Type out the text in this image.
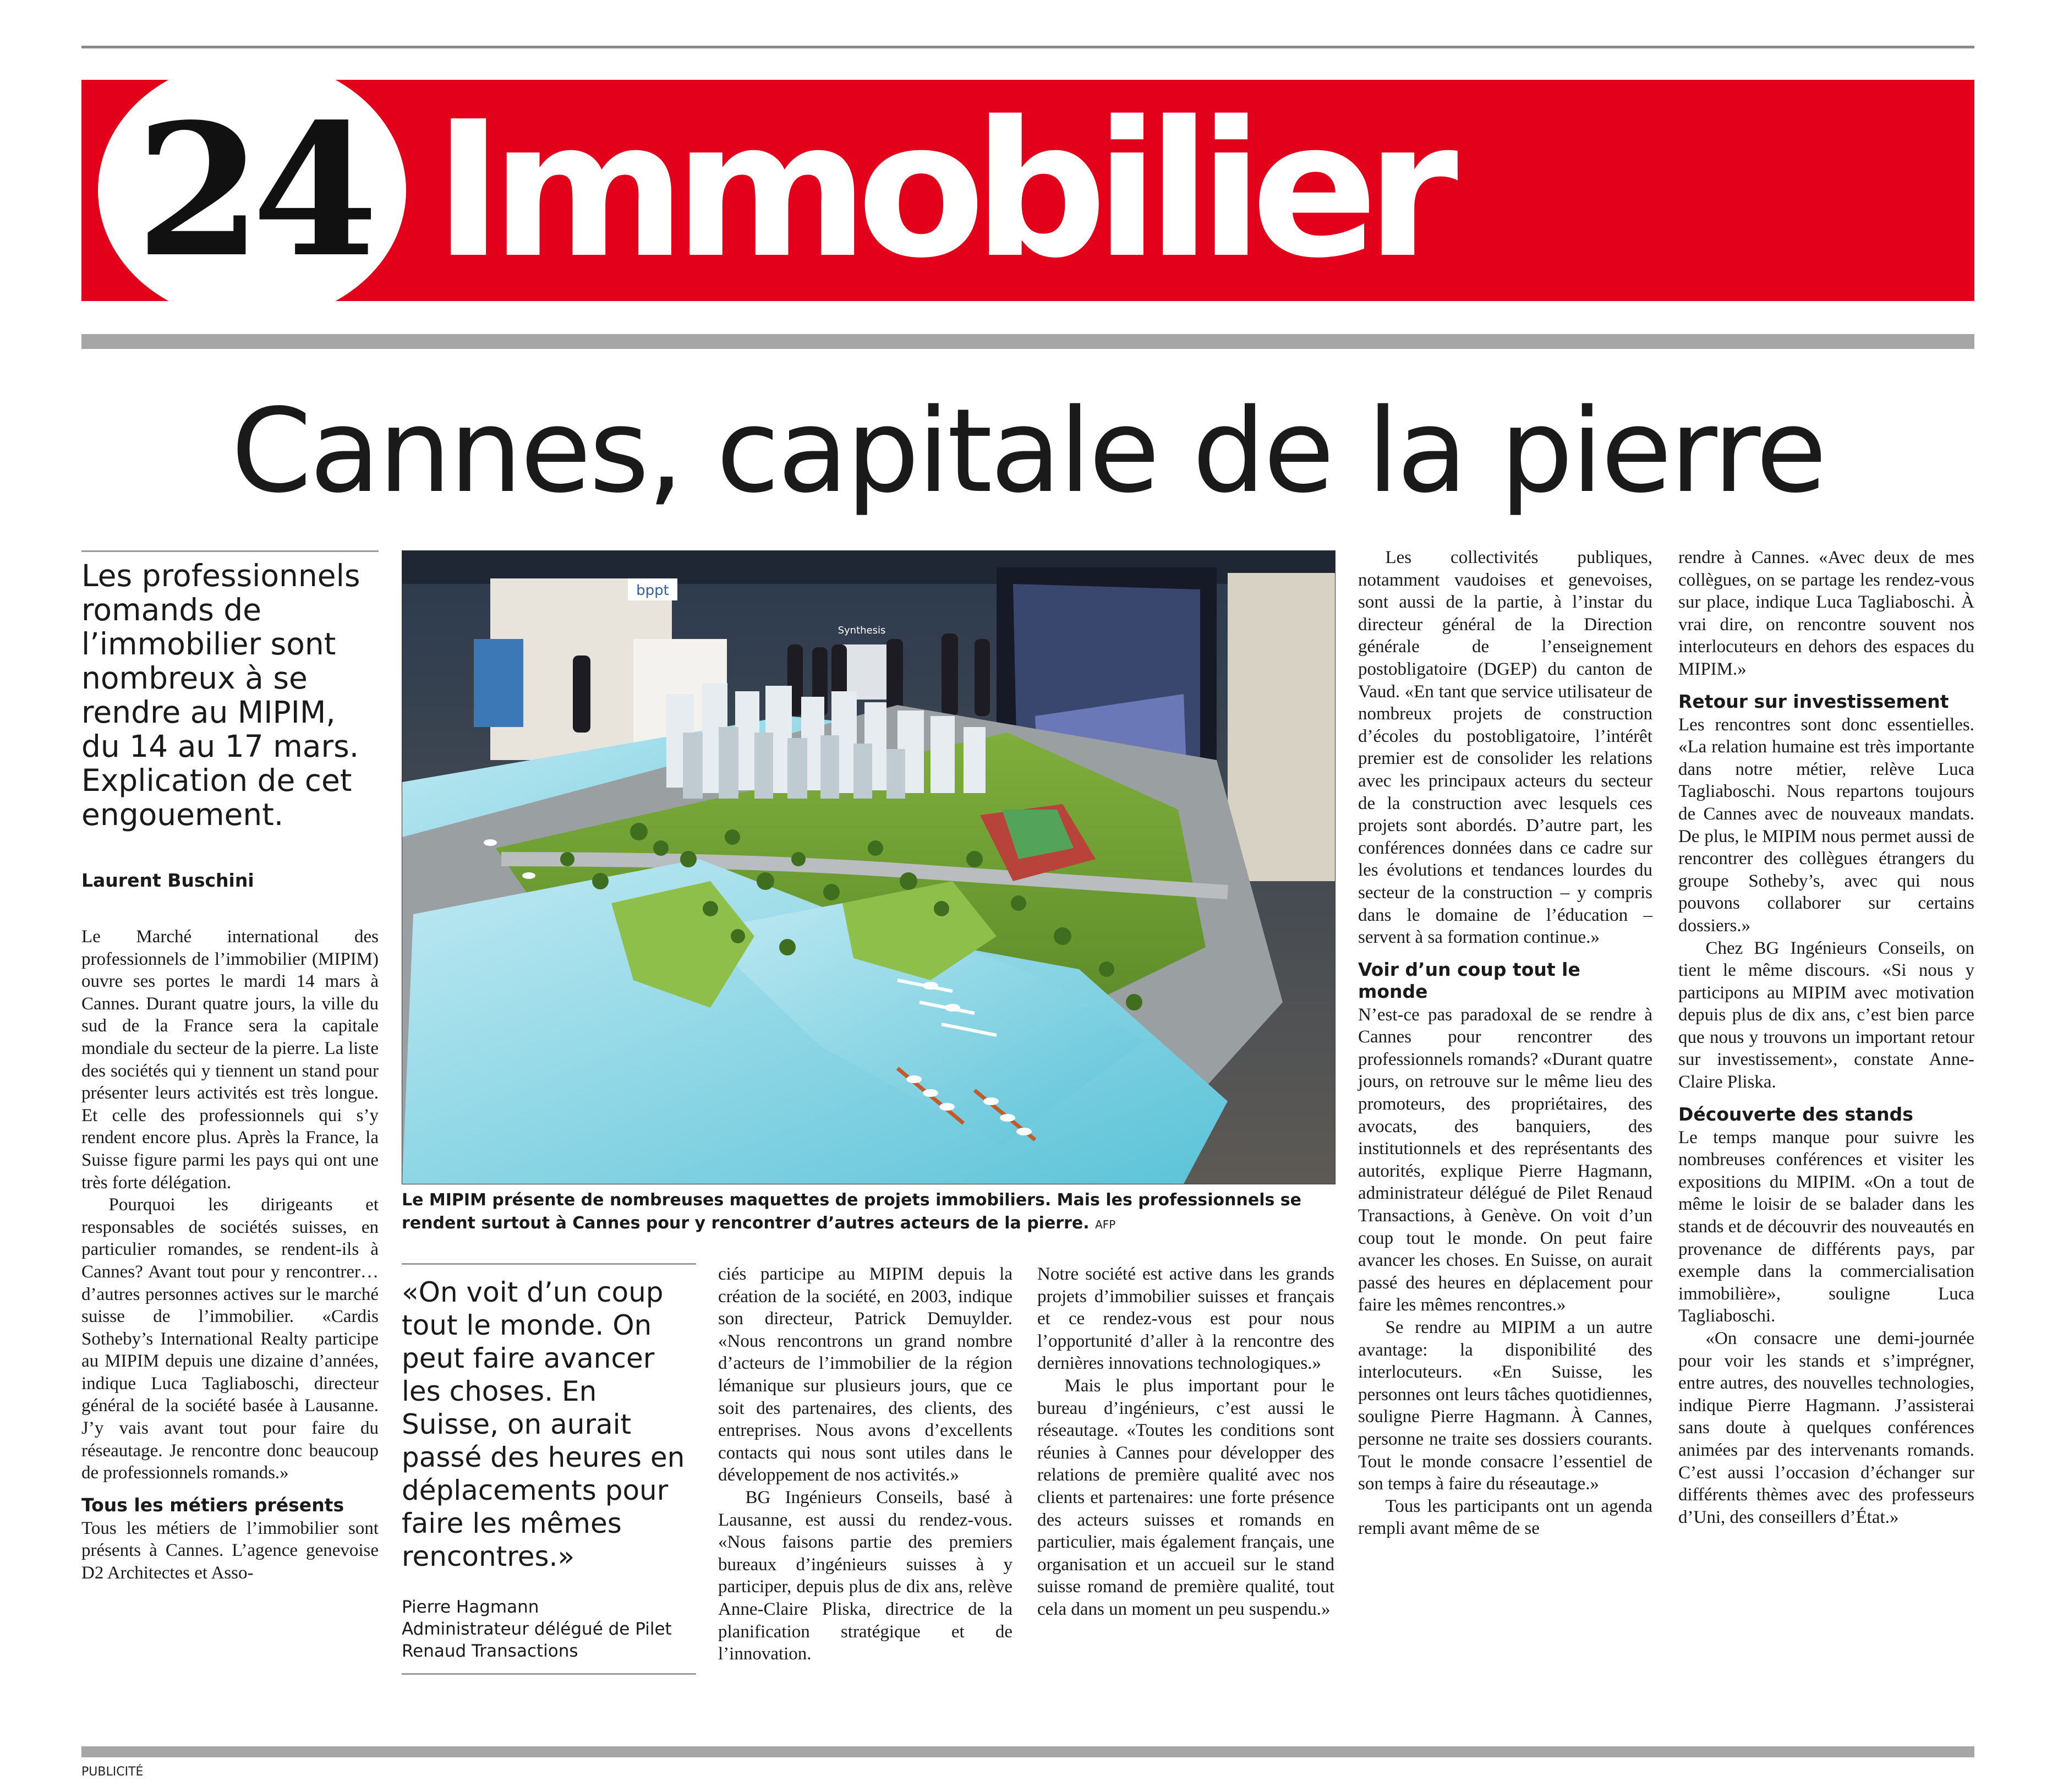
24 Immobilier
Cannes, capitale de la pierre
Les professionnels romands de l’immobilier sont nombreux à se rendre au MIPIM, du 14 au 17 mars. Explication de cet engouement.
Laurent Buschini

Le Marché international des professionnels de l’immobilier (MIPIM) ouvre ses portes le mardi 14 mars à Cannes. Durant quatre jours, la ville du sud de la France sera la capitale mondiale du secteur de la pierre. La liste des sociétés qui y tiennent un stand pour présenter leurs activités est très longue. Et celle des professionnels qui s’y rendent encore plus. Après la France, la Suisse figure parmi les pays qui ont une très forte délégation.

Pourquoi les dirigeants et responsables de sociétés suisses, en particulier romandes, se rendent-ils à Cannes? Avant tout pour y rencontrer… d’autres personnes actives sur le marché suisse de l’immobilier. «Cardis Sotheby’s International Realty participe au MIPIM depuis une dizaine d’années, indique Luca Tagliaboschi, directeur général de la société basée à Lausanne. J’y vais avant tout pour faire du réseautage. Je rencontre donc beaucoup de professionnels romands.»

Tous les métiers présents

Tous les métiers de l’immobilier sont présents à Cannes. L’agence genevoise D2 Architectes et Asso-

bppt
Synthesis
Le MIPIM présente de nombreuses maquettes de projets immobiliers. Mais les professionnels se rendent surtout à Cannes pour y rencontrer d’autres acteurs de la pierre. AFP
«On voit d’un coup tout le monde. On peut faire avancer les choses. En Suisse, on aurait passé des heures en déplacements pour faire les mêmes rencontres.»
Pierre Hagmann
Administrateur délégué de Pilet Renaud Transactions

ciés participe au MIPIM depuis la création de la société, en 2003, indique son directeur, Patrick Demuylder. «Nous rencontrons un grand nombre d’acteurs de l’immobilier de la région lémanique sur plusieurs jours, que ce soit des partenaires, des clients, des entreprises. Nous avons d’excellents contacts qui nous sont utiles dans le développement de nos activités.»

BG Ingénieurs Conseils, basé à Lausanne, est aussi du rendez-vous. «Nous faisons partie des premiers bureaux d’ingénieurs suisses à y participer, depuis plus de dix ans, relève Anne-Claire Pliska, directrice de la planification stratégique et de l’innovation.

Notre société est active dans les grands projets d’immobilier suisses et français et ce rendez-vous est pour nous l’opportunité d’aller à la rencontre des dernières innovations technologiques.»

Mais le plus important pour le bureau d’ingénieurs, c’est aussi le réseautage. «Toutes les conditions sont réunies à Cannes pour développer des relations de première qualité avec nos clients et partenaires: une forte présence des acteurs suisses et romands en particulier, mais également français, une organisation et un accueil sur le stand suisse romand de première qualité, tout cela dans un moment un peu suspendu.»

Les collectivités publiques, notamment vaudoises et genevoises, sont aussi de la partie, à l’instar du directeur général de la Direction générale de l’enseignement postobligatoire (DGEP) du canton de Vaud. «En tant que service utilisateur de nombreux projets de construction d’écoles du postobligatoire, l’intérêt premier est de consolider les relations avec les principaux acteurs du secteur de la construction avec lesquels ces projets sont abordés. D’autre part, les conférences données dans ce cadre sur les évolutions et tendances lourdes du secteur de la construction – y compris dans le domaine de l’éducation – servent à sa formation continue.»

Voir d’un coup tout le monde

N’est-ce pas paradoxal de se rendre à Cannes pour rencontrer des professionnels romands? «Durant quatre jours, on retrouve sur le même lieu des promoteurs, des propriétaires, des avocats, des banquiers, des institutionnels et des représentants des autorités, explique Pierre Hagmann, administrateur délégué de Pilet Renaud Transactions, à Genève. On voit d’un coup tout le monde. On peut faire avancer les choses. En Suisse, on aurait passé des heures en déplacement pour faire les mêmes rencontres.»

Se rendre au MIPIM a un autre avantage: la disponibilité des interlocuteurs. «En Suisse, les personnes ont leurs tâches quotidiennes, souligne Pierre Hagmann. À Cannes, personne ne traite ses dossiers courants. Tout le monde consacre l’essentiel de son temps à faire du réseautage.»

Tous les participants ont un agenda rempli avant même de se

rendre à Cannes. «Avec deux de mes collègues, on se partage les rendez-vous sur place, indique Luca Tagliaboschi. À vrai dire, on rencontre souvent nos interlocuteurs en dehors des espaces du MIPIM.»

Retour sur investissement

Les rencontres sont donc essentielles. «La relation humaine est très importante dans notre métier, relève Luca Tagliaboschi. Nous repartons toujours de Cannes avec de nouveaux mandats. De plus, le MIPIM nous permet aussi de rencontrer des collègues étrangers du groupe Sotheby’s, avec qui nous pouvons collaborer sur certains dossiers.»

Chez BG Ingénieurs Conseils, on tient le même discours. «Si nous y participons au MIPIM avec motivation depuis plus de dix ans, c’est bien parce que nous y trouvons un important retour sur investissement», constate Anne-Claire Pliska.

Découverte des stands

Le temps manque pour suivre les nombreuses conférences et visiter les expositions du MIPIM. «On a tout de même le loisir de se balader dans les stands et de découvrir des nouveautés en provenance de différents pays, par exemple dans la commercialisation immobilière», souligne Luca Tagliaboschi.

«On consacre une demi-journée pour voir les stands et s’imprégner, entre autres, des nouvelles technologies, indique Pierre Hagmann. J’assisterai sans doute à quelques conférences animées par des intervenants romands. C’est aussi l’occasion d’échanger sur différents thèmes avec des professeurs d’Uni, des conseillers d’État.»

PUBLICITÉ
